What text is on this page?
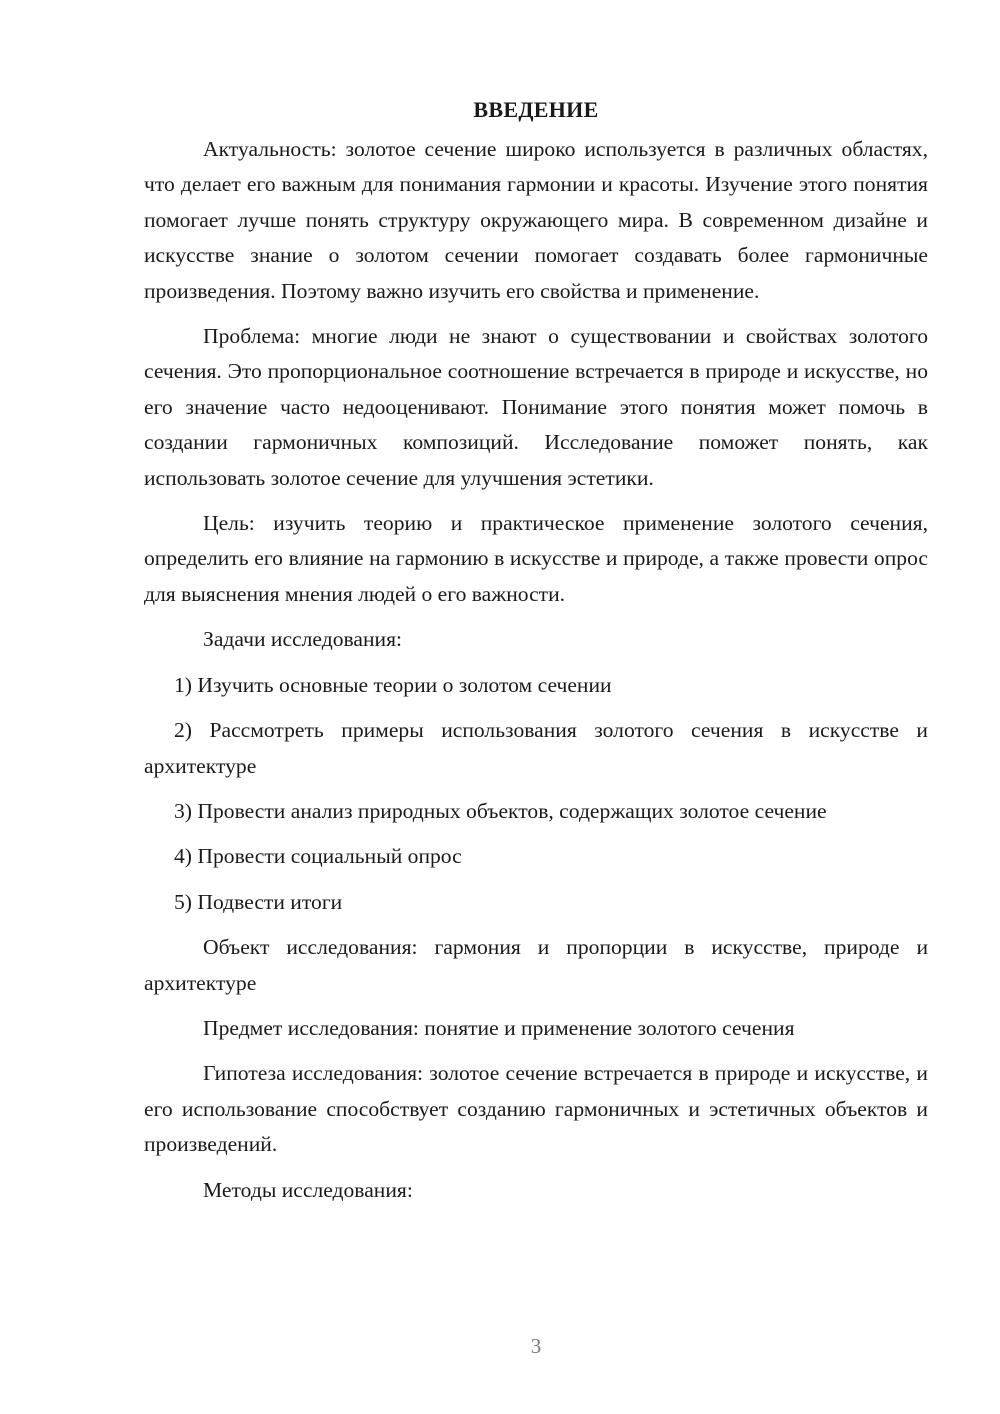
ВВЕДЕНИЕ

Актуальность: золотое сечение широко используется в различных областях, что делает его важным для понимания гармонии и красоты. Изучение этого понятия помогает лучше понять структуру окружающего мира. В современном дизайне и искусстве знание о золотом сечении помогает создавать более гармоничные произведения. Поэтому важно изучить его свойства и применение.

Проблема: многие люди не знают о существовании и свойствах золотого сечения. Это пропорциональное соотношение встречается в природе и искусстве, но его значение часто недооценивают. Понимание этого понятия может помочь в создании гармоничных композиций. Исследование поможет понять, как использовать золотое сечение для улучшения эстетики.

Цель: изучить теорию и практическое применение золотого сечения, определить его влияние на гармонию в искусстве и природе, а также провести опрос для выяснения мнения людей о его важности.

Задачи исследования:

1) Изучить основные теории о золотом сечении

2) Рассмотреть примеры использования золотого сечения в искусстве и архитектуре

3) Провести анализ природных объектов, содержащих золотое сечение

4) Провести социальный опрос

5) Подвести итоги

Объект исследования: гармония и пропорции в искусстве, природе и архитектуре

Предмет исследования: понятие и применение золотого сечения

Гипотеза исследования: золотое сечение встречается в природе и искусстве, и его использование способствует созданию гармоничных и эстетичных объектов и произведений.

Методы исследования:

3
